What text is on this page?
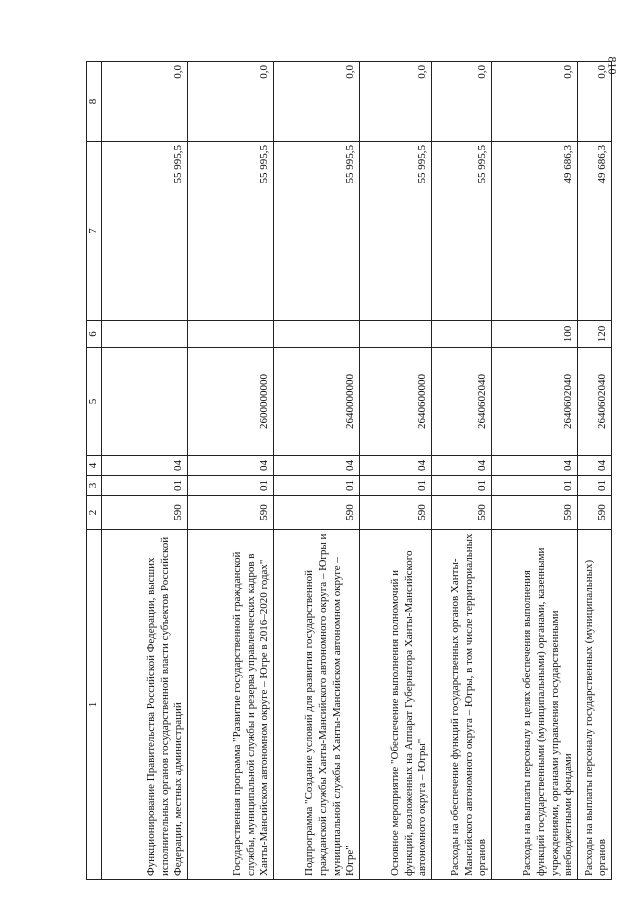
810
1	2	3	4	5	6	7	8
Функционирование Правительства Российской Федерации, высших исполнительных органов государственной власти субъектов Российской Федерации, местных администраций	590	01	04			55 995,5	0,0
Государственная программа "Развитие государственной гражданской службы, муниципальной службы и резерва управленческих кадров в Ханты-Мансийском автономном округе – Югре в 2016–2020 годах"	590	01	04	2600000000		55 995,5	0,0
Подпрограмма "Создание условий для развития государственной гражданской службы Ханты-Мансийского автономного округа – Югры и муниципальной службы в Ханты-Мансийском автономном округе – Югре"	590	01	04	2640000000		55 995,5	0,0
Основное мероприятие "Обеспечение выполнения полномочий и функций, возложенных на Аппарат Губернатора Ханты-Мансийского автономного округа – Югры"	590	01	04	2640600000		55 995,5	0,0
Расходы на обеспечение функций государственных органов Ханты-Мансийского автономного округа – Югры, в том числе территориальных органов	590	01	04	2640602040		55 995,5	0,0
Расходы на выплаты персоналу в целях обеспечения выполнения функций государственными (муниципальными) органами, казенными учреждениями, органами управления государственными внебюджетными фондами	590	01	04	2640602040	100	49 686,3	0,0
Расходы на выплаты персоналу государственных (муниципальных) органов	590	01	04	2640602040	120	49 686,3	0,0
